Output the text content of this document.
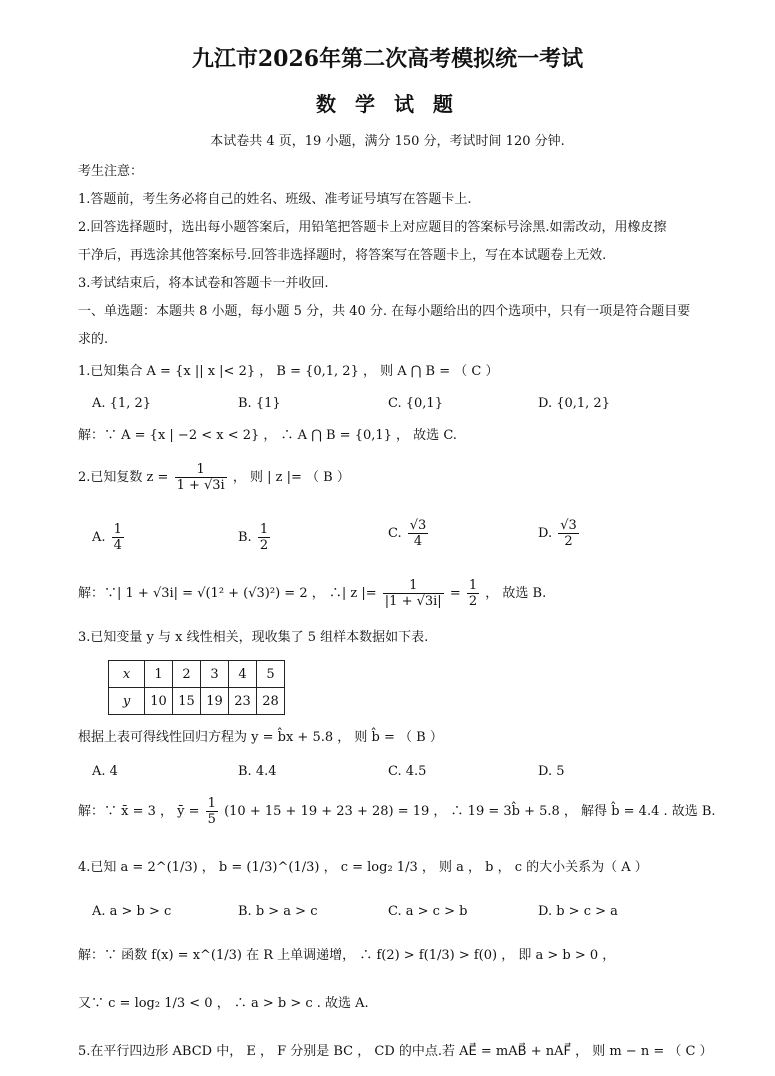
九江市2026年第二次高考模拟统一考试
数 学 试 题
本试卷共 4 页，19 小题，满分 150 分，考试时间 120 分钟.
考生注意：
1.答题前，考生务必将自己的姓名、班级、准考证号填写在答题卡上.
2.回答选择题时，选出每小题答案后，用铅笔把答题卡上对应题目的答案标号涂黑.如需改动，用橡皮擦
干净后，再选涂其他答案标号.回答非选择题时，将答案写在答题卡上，写在本试题卷上无效.
3.考试结束后，将本试卷和答题卡一并收回.
一、单选题：本题共 8 小题，每小题 5 分，共 40 分. 在每小题给出的四个选项中，只有一项是符合题目要
求的.
1.已知集合 A = {x || x |< 2} ， B = {0,1, 2} ， 则 A ⋂ B = （ C ）
A. {1, 2}	B. {1}	C. {0,1}	D. {0,1, 2}
解：∵ A = {x | −2 < x < 2} ， ∴ A ⋂ B = {0,1} ， 故选 C.
2.已知复数 $z = \frac{1}{1 + √3i}$ ， 则 | z |= （ B ）
A. $\frac{1}{4}$	B. $\frac{1}{2}$	C. $\frac{√3}{4}$	D. $\frac{√3}{2}$
解：∵| 1 + √3i| = √(1² + (√3)²) = 2 ， ∴| z |= $\frac{1}{|1 + √3i|} = \frac{1}{2}$ ， 故选 B.
3.已知变量 y 与 x 线性相关，现收集了 5 组样本数据如下表.
x	1	2	3	4	5
y	10	15	19	23	28
根据上表可得线性回归方程为 y = b̂x + 5.8 ， 则 b̂ = （ B ）
A. 4	B. 4.4	C. 4.5	D. 5
解：∵ x̄ = 3 ， ȳ = $\frac{1}{5} (10 + 15 + 19 + 23 + 28) = 19$ ， ∴ 19 = 3b̂ + 5.8 ， 解得 b̂ = 4.4 . 故选 B.
4.已知 a = 2^(1/3) ， b = (1/3)^(1/3) ， c = log₂ 1/3 ， 则 a ， b ， c 的大小关系为（ A ）
A. a > b > c	B. b > a > c	C. a > c > b	D. b > c > a
解：∵ 函数 f(x) = x^(1/3) 在 R 上单调递增， ∴ f(2) > f(1/3) > f(0) ， 即 a > b > 0 ，
又∵ c = log₂ 1/3 < 0 ， ∴ a > b > c . 故选 A.
5.在平行四边形 ABCD 中， E ， F 分别是 BC ， CD 的中点.若 AE⃗ = mAB⃗ + nAF⃗ ， 则 m − n = （ C ）
